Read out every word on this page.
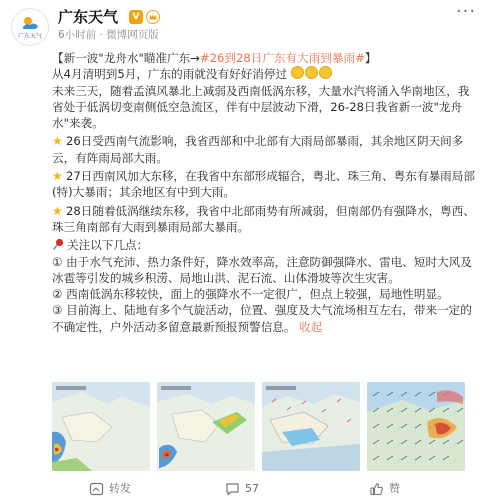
广东天气
广东天气	V
6小时前 · 微博网页版
···

【新一波"龙舟水"瞄准广东→#26到28日广东有大雨到暴雨#】

从4月清明到5月，广东的雨就没有好好消停过

未来三天，随着孟滇风暴北上减弱及西南低涡东移，大量水汽将涌入华南地区，我省处于低涡切变南侧低空急流区，伴有中层波动下滑，26-28日我省新一波"龙舟水"来袭。

★ 26日受西南气流影响，我省西部和中北部有大雨局部暴雨，其余地区阴天间多云，有阵雨局部大雨。

★ 27日西南风加大东移，在我省中东部形成辐合，粤北、珠三角、粤东有暴雨局部(特)大暴雨；其余地区有中到大雨。

★ 28日随着低涡继续东移，我省中北部雨势有所减弱，但南部仍有强降水，粤西、珠三角南部有大雨到暴雨局部大暴雨。

关注以下几点：

① 由于水气充沛、热力条件好，降水效率高，注意防御强降水、雷电、短时大风及冰雹等引发的城乡积涝、局地山洪、泥石流、山体滑坡等次生灾害。

② 西南低涡东移较快，面上的强降水不一定很广，但点上较强，局地性明显。

③ 目前海上、陆地有多个气旋活动，位置、强度及大气流场相互左右，带来一定的不确定性，户外活动多留意最新预报预警信息。 收起

转发	57	赞
